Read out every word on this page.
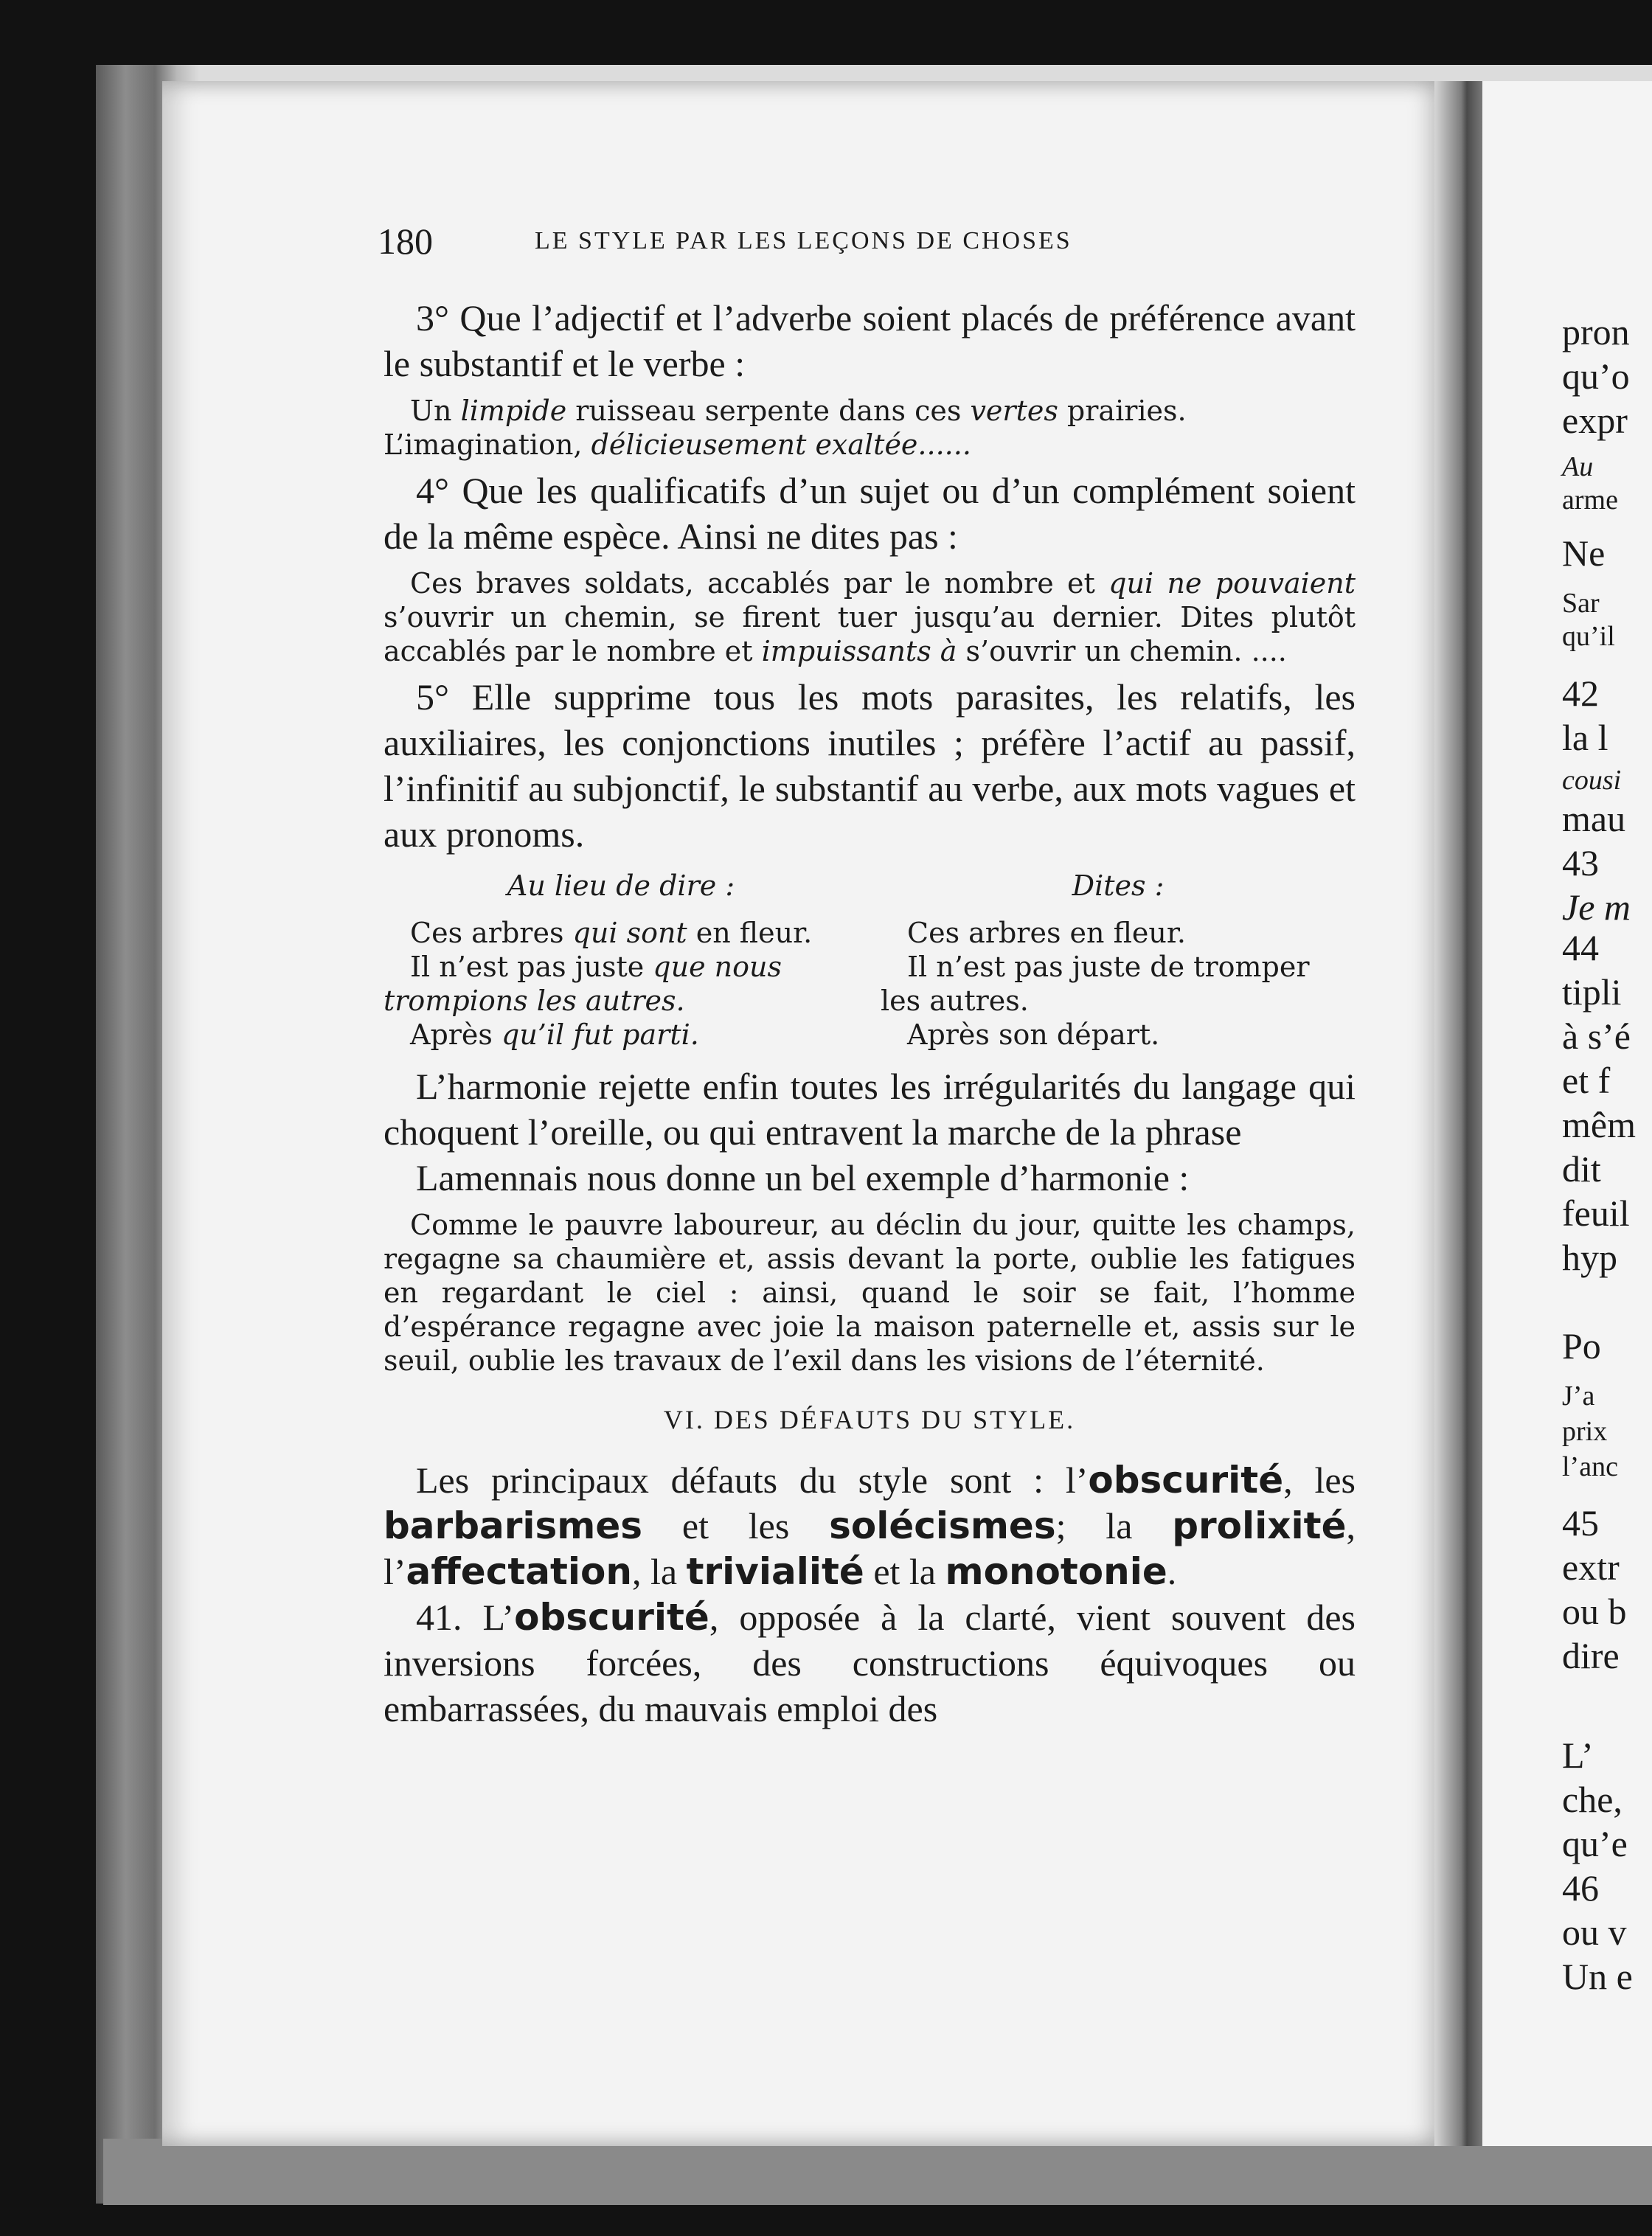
180	LE STYLE PAR LES LEÇONS DE CHOSES

3° Que l’adjectif et l’adverbe soient placés de préférence avant le substantif et le verbe :

Un limpide ruisseau serpente dans ces vertes prairies.
L’imagination, délicieusement exaltée......

4° Que les qualificatifs d’un sujet ou d’un complément soient de la même espèce. Ainsi ne dites pas :

Ces braves soldats, accablés par le nombre et qui ne pouvaient s’ouvrir un chemin, se firent tuer jusqu’au dernier. Dites plutôt accablés par le nombre et impuissants à s’ouvrir un chemin. ....

5° Elle supprime tous les mots parasites, les relatifs, les auxiliaires, les conjonctions inutiles ; préfère l’actif au passif, l’infinitif au subjonctif, le substantif au verbe, aux mots vagues et aux pronoms.

Au lieu de dire :
Ces arbres qui sont en fleur.
Il n’est pas juste que nous trompions les autres.
Après qu’il fut parti.
Dites :
Ces arbres en fleur.
Il n’est pas juste de tromper les autres.
Après son départ.

L’harmonie rejette enfin toutes les irrégularités du langage qui choquent l’oreille, ou qui entravent la marche de la phrase

Lamennais nous donne un bel exemple d’harmonie :

Comme le pauvre laboureur, au déclin du jour, quitte les champs, regagne sa chaumière et, assis devant la porte, oublie les fatigues en regardant le ciel : ainsi, quand le soir se fait, l’homme d’espérance regagne avec joie la maison paternelle et, assis sur le seuil, oublie les travaux de l’exil dans les visions de l’éternité.

VI. DES DÉFAUTS DU STYLE.

Les principaux défauts du style sont : l’obscurité, les barbarismes et les solécismes; la prolixité, l’affectation, la trivialité et la monotonie.

41. L’obscurité, opposée à la clarté, vient souvent des inversions forcées, des constructions équivoques ou embarrassées, du mauvais emploi des

pron
qu’o
expr
Au
arme
Ne
Sar
qu’il
42
la l
cousi
mau
43
Je m
44
tipli
à s’é
et f
mêm
dit
feuil
hyp
Po
J’a
prix
l’anc
45
extr
ou b
dire
L’
che,
qu’e
46
ou v
Un e
